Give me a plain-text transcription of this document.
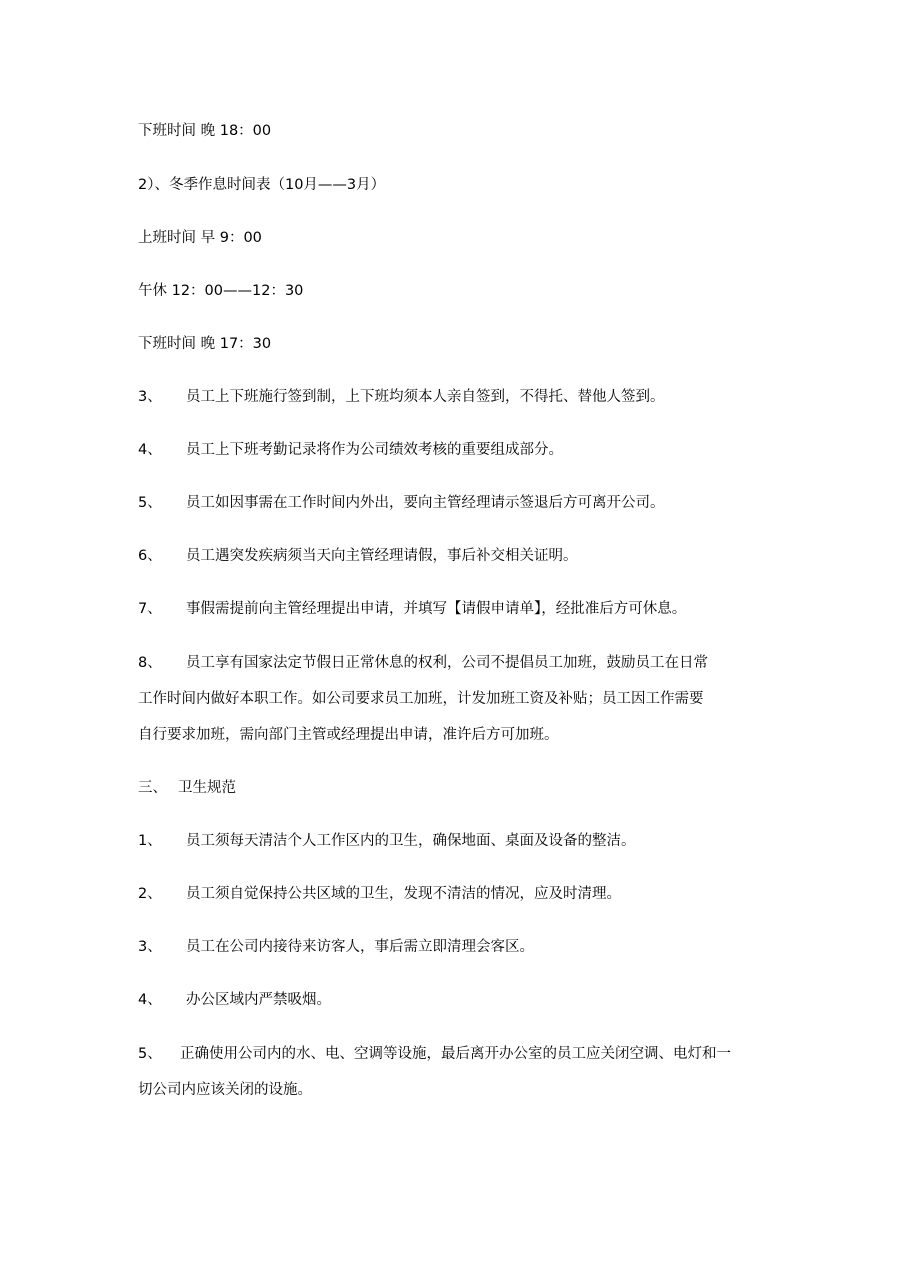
下班时间 晚 18：00
2）、冬季作息时间表（10月——3月）
上班时间 早 9：00
午休 12：00——12：30
下班时间 晚 17：30
3、 员工上下班施行签到制，上下班均须本人亲自签到，不得托、替他人签到。
4、 员工上下班考勤记录将作为公司绩效考核的重要组成部分。
5、 员工如因事需在工作时间内外出，要向主管经理请示签退后方可离开公司。
6、 员工遇突发疾病须当天向主管经理请假，事后补交相关证明。
7、 事假需提前向主管经理提出申请，并填写【请假申请单】，经批准后方可休息。
8、 员工享有国家法定节假日正常休息的权利，公司不提倡员工加班，鼓励员工在日常
工作时间内做好本职工作。如公司要求员工加班，计发加班工资及补贴；员工因工作需要
自行要求加班，需向部门主管或经理提出申请，准许后方可加班。
三、 卫生规范
1、 员工须每天清洁个人工作区内的卫生，确保地面、桌面及设备的整洁。
2、 员工须自觉保持公共区域的卫生，发现不清洁的情况，应及时清理。
3、 员工在公司内接待来访客人，事后需立即清理会客区。
4、 办公区域内严禁吸烟。
5、 正确使用公司内的水、电、空调等设施，最后离开办公室的员工应关闭空调、电灯和一
切公司内应该关闭的设施。
